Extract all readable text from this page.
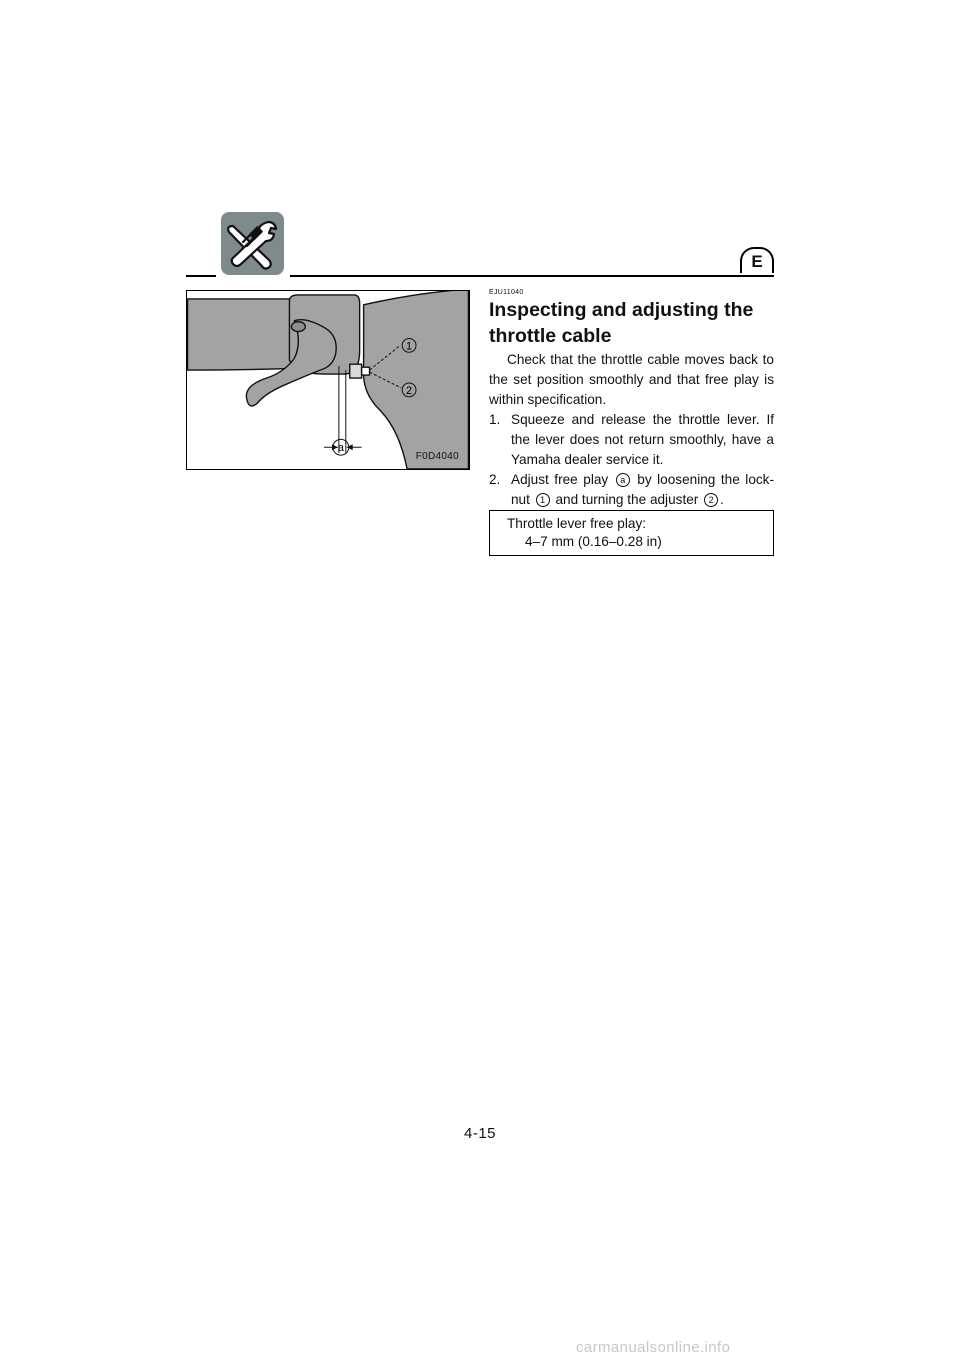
E
1
2
a
F0D4040
EJU11040
Inspecting and adjusting the throttle cable

Check that the throttle cable moves back to the set position smoothly and that free play is within specification.

1. Squeeze and release the throttle lever. If the lever does not return smoothly, have a Yamaha dealer service it.
2. Adjust free play a by loosening the lock-nut 1 and turning the adjuster 2 .
Throttle lever free play:
4–7 mm (0.16–0.28 in)
4-15
carmanualsonline.info
